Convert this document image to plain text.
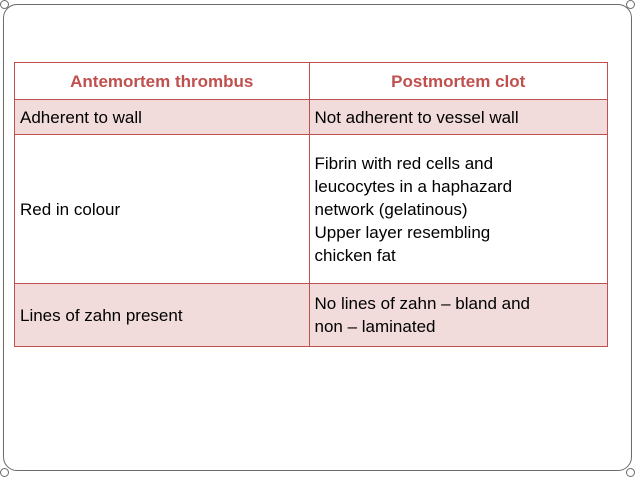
Antemortem thrombus	Postmortem clot

Adherent to wall	Not adherent to vessel wall

Red in colour	Fibrin with red cells and
leucocytes in a haphazard
network (gelatinous)
Upper layer resembling
chicken fat

Lines of zahn present	No lines of zahn – bland and
non – laminated
